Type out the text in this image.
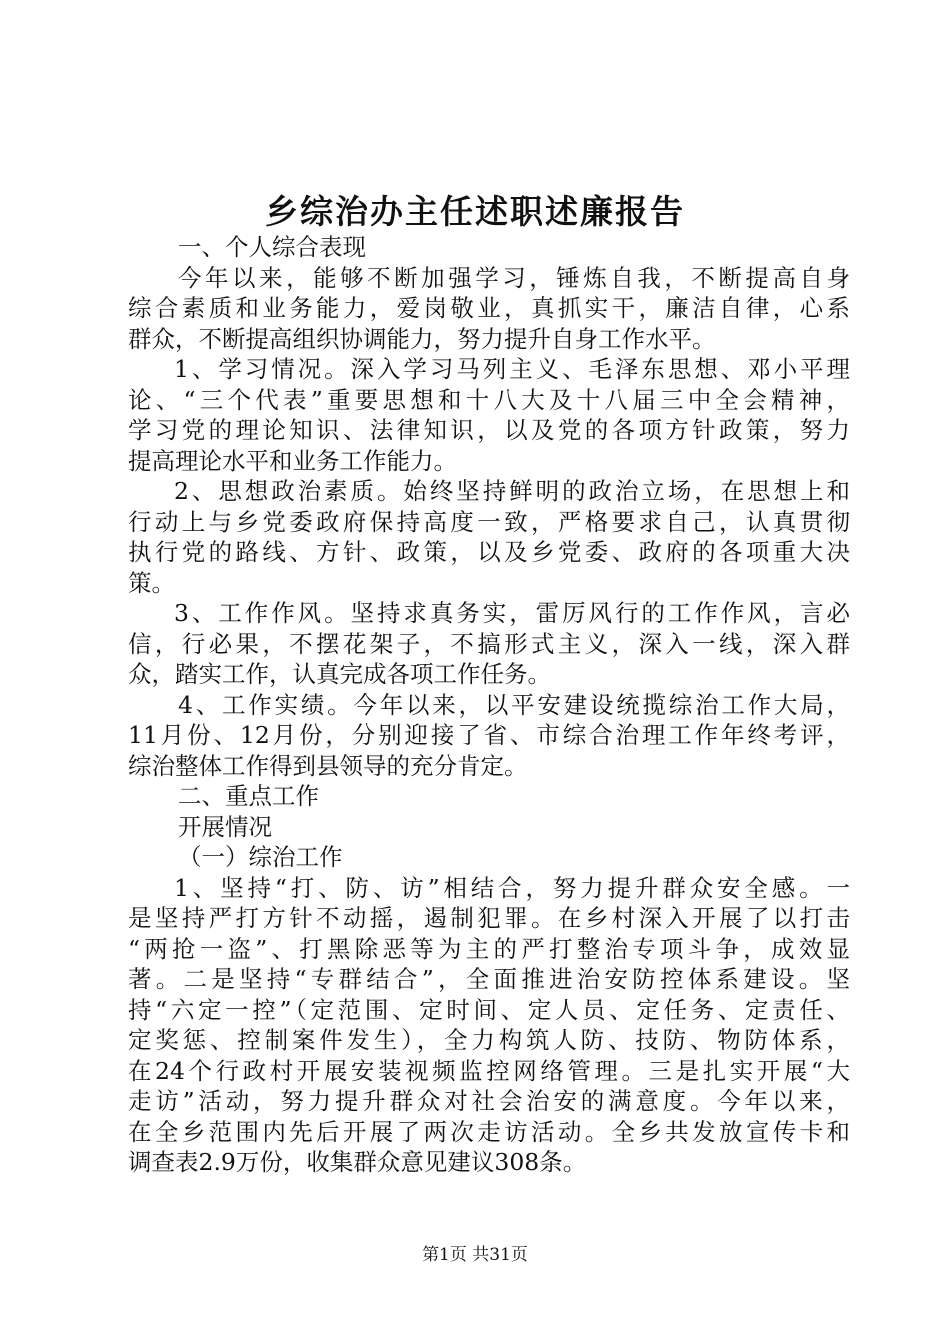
乡综治办主任述职述廉报告
一、个人综合表现
今年以来，能够不断加强学习，锤炼自我，不断提高自身
综合素质和业务能力，爱岗敬业，真抓实干，廉洁自律，心系
群众，不断提高组织协调能力，努力提升自身工作水平。
1、学习情况。深入学习马列主义、毛泽东思想、邓小平理
论、“三个代表”重要思想和十八大及十八届三中全会精神，
学习党的理论知识、法律知识，以及党的各项方针政策，努力
提高理论水平和业务工作能力。
2、思想政治素质。始终坚持鲜明的政治立场，在思想上和
行动上与乡党委政府保持高度一致，严格要求自己，认真贯彻
执行党的路线、方针、政策，以及乡党委、政府的各项重大决
策。
3、工作作风。坚持求真务实，雷厉风行的工作作风，言必
信，行必果，不摆花架子，不搞形式主义，深入一线，深入群
众，踏实工作，认真完成各项工作任务。
4、工作实绩。今年以来，以平安建设统揽综治工作大局，
11月份、12月份，分别迎接了省、市综合治理工作年终考评，
综治整体工作得到县领导的充分肯定。
二、重点工作
开展情况
（一）综治工作
1、坚持“打、防、访”相结合，努力提升群众安全感。一
是坚持严打方针不动摇，遏制犯罪。在乡村深入开展了以打击
“两抢一盗”、打黑除恶等为主的严打整治专项斗争，成效显
著。二是坚持“专群结合”，全面推进治安防控体系建设。坚
持“六定一控”（定范围、定时间、定人员、定任务、定责任、
定奖惩、控制案件发生），全力构筑人防、技防、物防体系，
在24个行政村开展安装视频监控网络管理。三是扎实开展“大
走访”活动，努力提升群众对社会治安的满意度。今年以来，
在全乡范围内先后开展了两次走访活动。全乡共发放宣传卡和
调查表2.9万份，收集群众意见建议308条。
第1页 共31页
